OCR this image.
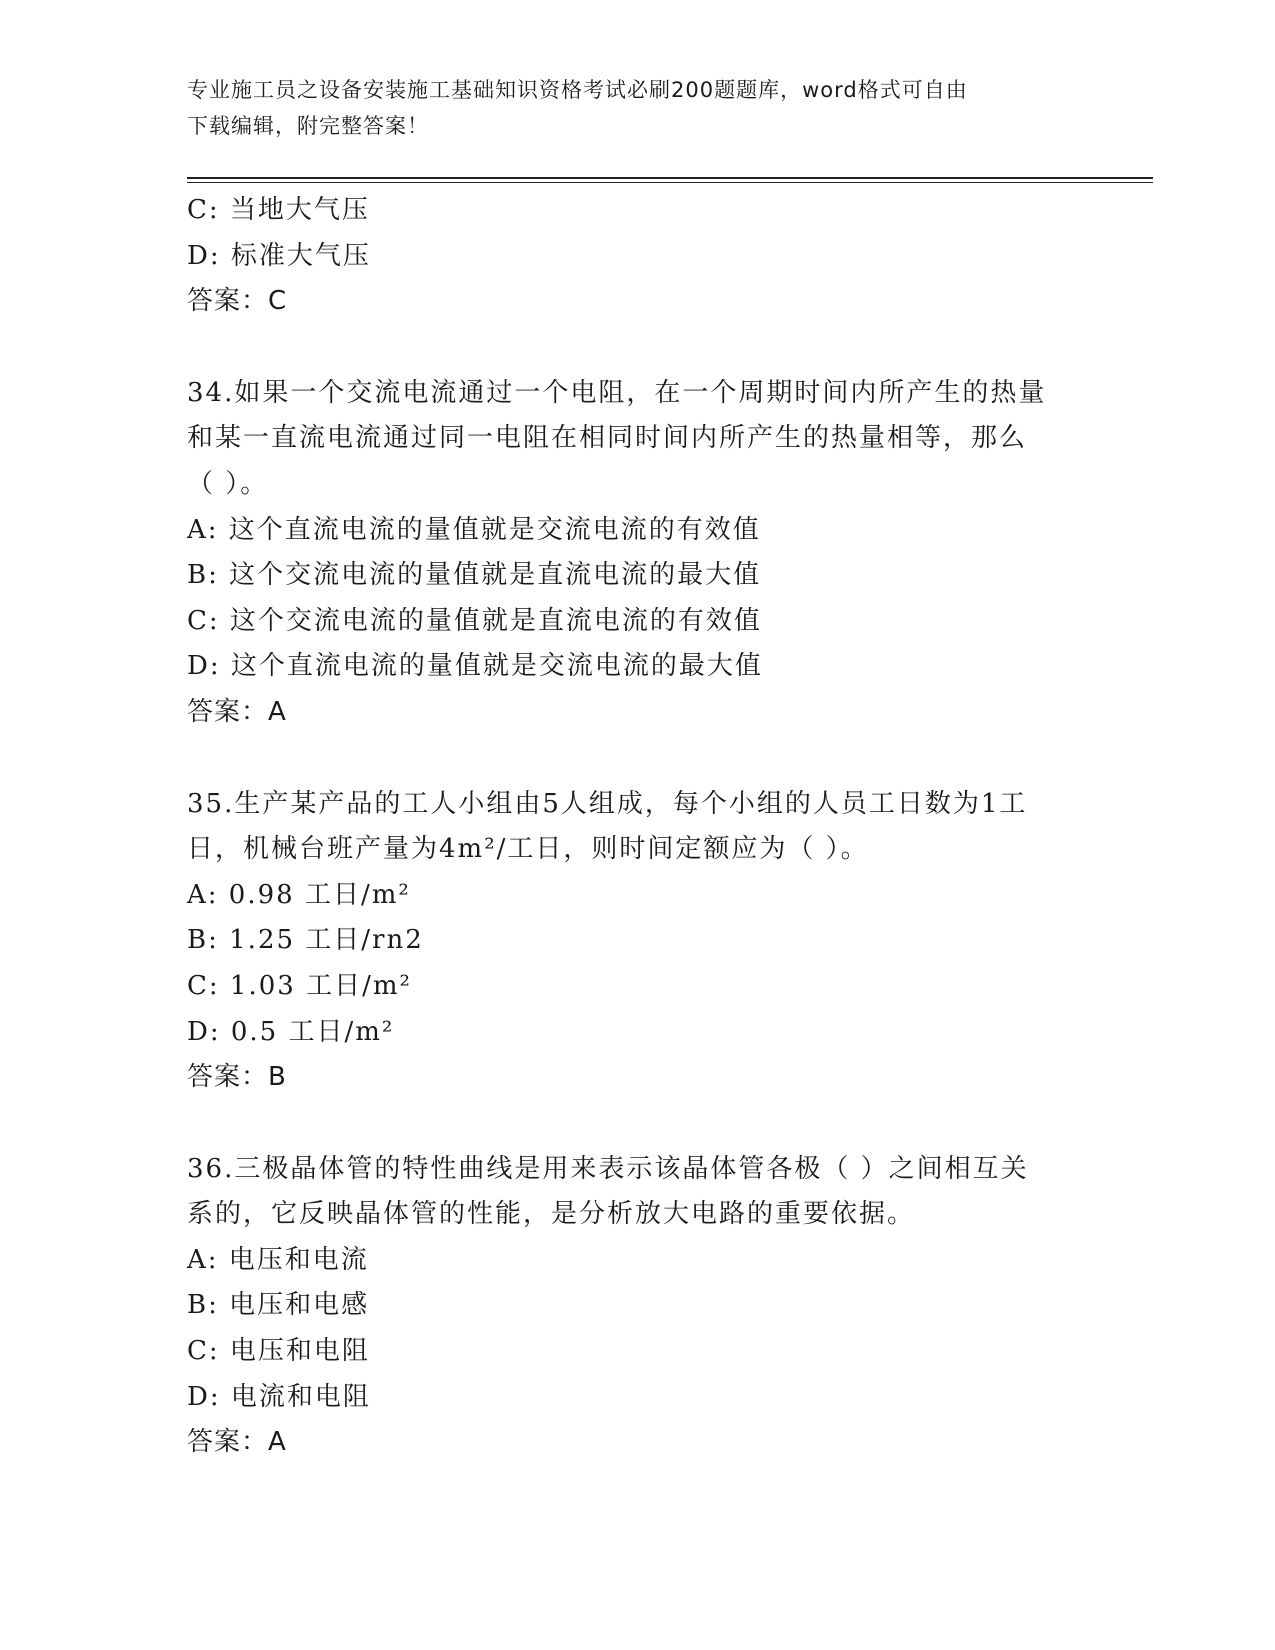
专业施工员之设备安装施工基础知识资格考试必刷200题题库，word格式可自由
下载编辑，附完整答案！
C: 当地大气压
D: 标准大气压
答案：C
34.如果一个交流电流通过一个电阻，在一个周期时间内所产生的热量
和某一直流电流通过同一电阻在相同时间内所产生的热量相等，那么
（ ）。
A: 这个直流电流的量值就是交流电流的有效值
B: 这个交流电流的量值就是直流电流的最大值
C: 这个交流电流的量值就是直流电流的有效值
D: 这个直流电流的量值就是交流电流的最大值
答案：A
35.生产某产品的工人小组由5人组成，每个小组的人员工日数为1工
日，机械台班产量为4m²/工日，则时间定额应为（ ）。
A: 0.98 工日/m²
B: 1.25 工日/rn2
C: 1.03 工日/m²
D: 0.5 工日/m²
答案：B
36.三极晶体管的特性曲线是用来表示该晶体管各极（ ）之间相互关
系的，它反映晶体管的性能，是分析放大电路的重要依据。
A: 电压和电流
B: 电压和电感
C: 电压和电阻
D: 电流和电阻
答案：A
